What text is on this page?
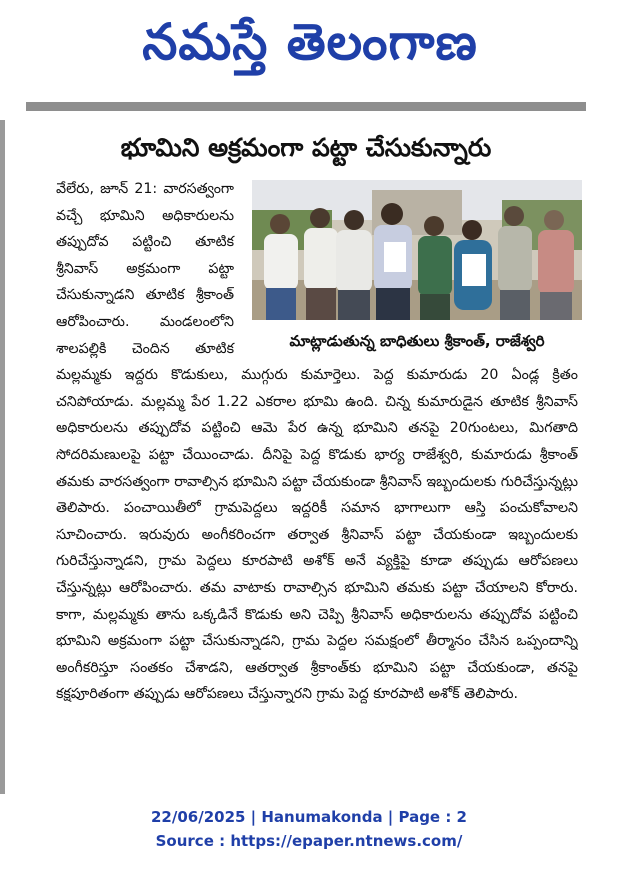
నమస్తే తెలంగాణ
భూమిని అక్రమంగా పట్టా చేసుకున్నారు
మాట్లాడుతున్న బాధితులు శ్రీకాంత్, రాజేశ్వరి
వేలేరు, జూన్ 21: వారసత్వంగా వచ్చే భూమిని అధికారులను తప్పుదోవ పట్టించి తూటిక శ్రీనివాస్ అక్రమంగా పట్టా చేసుకున్నాడని తూటిక శ్రీకాంత్ ఆరోపించారు. మండలంలోని శాలపల్లికి చెందిన తూటిక మల్లమ్మకు ఇద్దరు కొడుకులు, ముగ్గురు కుమార్తెలు. పెద్ద కుమారుడు 20 ఏండ్ల క్రితం చనిపోయాడు. మల్లమ్మ పేర 1.22 ఎకరాల భూమి ఉంది. చిన్న కుమారుడైన తూటిక శ్రీనివాస్ అధికారులను తప్పుదోవ పట్టించి ఆమె పేర ఉన్న భూమిని తనపై 20గుంటలు, మిగతాది సోదరిమణులపై పట్టా చేయించాడు. దీనిపై పెద్ద కొడుకు భార్య రాజేశ్వరి, కుమారుడు శ్రీకాంత్ తమకు వారసత్వంగా రావాల్సిన భూమిని పట్టా చేయకుండా శ్రీనివాస్ ఇబ్బందులకు గురిచేస్తున్నట్లు తెలిపారు. పంచాయితీలో గ్రామపెద్దలు ఇద్దరికీ సమాన భాగాలుగా ఆస్తి పంచుకోవాలని సూచించారు. ఇరువురు అంగీకరించగా తర్వాత శ్రీనివాస్ పట్టా చేయకుండా ఇబ్బందులకు గురిచేస్తున్నాడని, గ్రామ పెద్దలు కూరపాటి అశోక్ అనే వ్యక్తిపై కూడా తప్పుడు ఆరోపణలు చేస్తున్నట్లు ఆరోపించారు. తమ వాటాకు రావాల్సిన భూమిని తమకు పట్టా చేయాలని కోరారు. కాగా, మల్లమ్మకు తాను ఒక్కడినే కొడుకు అని చెప్పి శ్రీనివాస్ అధికారులను తప్పుదోవ పట్టించి భూమిని అక్రమంగా పట్టా చేసుకున్నాడని, గ్రామ పెద్దల సమక్షంలో తీర్మానం చేసిన ఒప్పందాన్ని అంగీకరిస్తూ సంతకం చేశాడని, ఆతర్వాత శ్రీకాంత్‌కు భూమిని పట్టా చేయకుండా, తనపై కక్షపూరితంగా తప్పుడు ఆరోపణలు చేస్తున్నారని గ్రామ పెద్ద కూరపాటి అశోక్ తెలిపారు.
22/06/2025 | Hanumakonda | Page : 2
Source : https://epaper.ntnews.com/
